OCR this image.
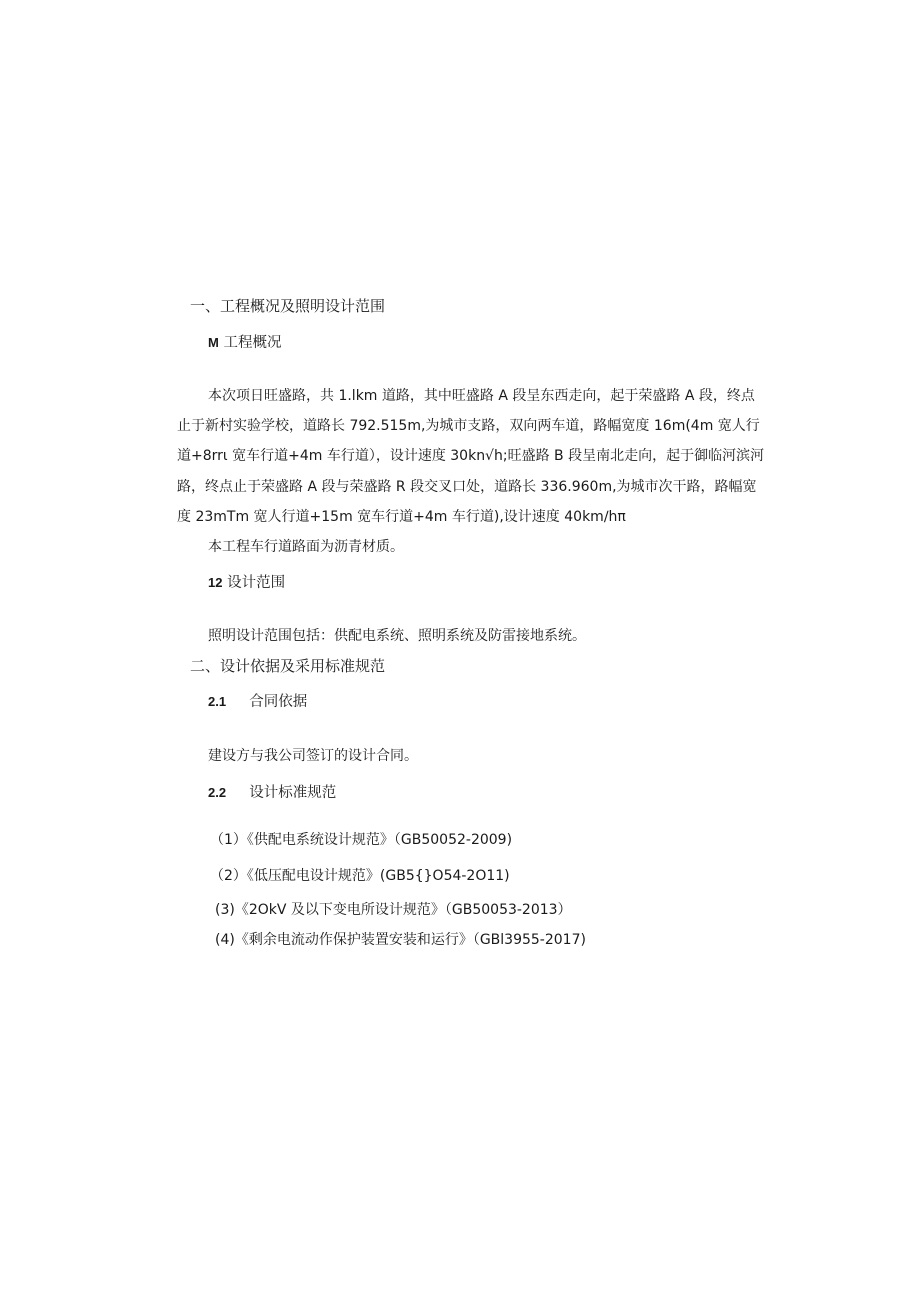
一、工程概况及照明设计范围
M 工程概况
本次项日旺盛路，共 1.lkm 道路，其中旺盛路 A 段呈东西走向，起于荣盛路 A 段，终点
止于新村实验学校，道路长 792.515m,为城市支路，双向两车道，路幅宽度 16m(4m 宽人行
道+8rrι 宽车行道+4m 车行道），设计速度 30kn√h;旺盛路 B 段呈南北走向，起于御临河滨河
路，终点止于荣盛路 A 段与荣盛路 R 段交叉口处，道路长 336.960m,为城市次干路，路幅宽
度 23mTm 宽人行道+15m 宽车行道+4m 车行道),设计速度 40km∕hπ
本工程车行道路面为沥青材质。
12 设计范围
照明设计范围包括：供配电系统、照明系统及防雷接地系统。
二、设计依据及采用标准规范
2.1 合同依据
建设方与我公司签订的设计合同。
2.2 设计标准规范
（1）《供配电系统设计规范》（GB50052-2009)
（2）《低压配电设计规范》(GB5{}O54-2O11)
(3)《2OkV 及以下变电所设计规范》（GB50053-2013）
(4)《剩余电流动作保护装置安装和运行》（GBl3955-2017)
